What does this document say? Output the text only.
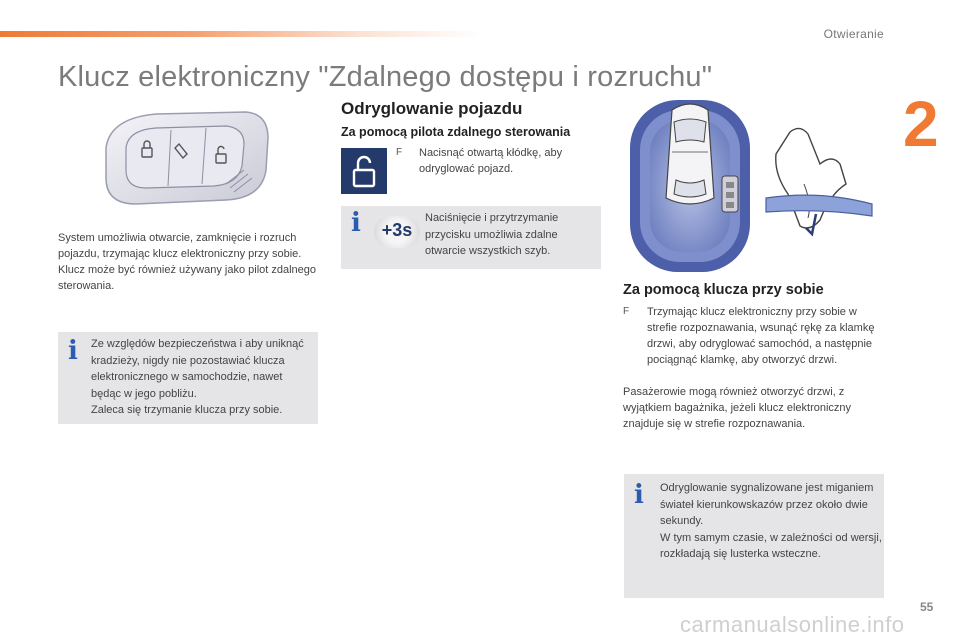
Otwieranie
2
Klucz elektroniczny "Zdalnego dostępu i rozruchu"
System umożliwia otwarcie, zamknięcie i rozruch pojazdu, trzymając klucz elektroniczny przy sobie. Klucz może być również używany jako pilot zdalnego sterowania.
i Ze względów bezpieczeństwa i aby uniknąć kradzieży, nigdy nie pozostawiać klucza elektronicznego w samochodzie, nawet będąc w jego pobliżu.
Zaleca się trzymanie klucza przy sobie.
Odryglowanie pojazdu
Za pomocą pilota zdalnego sterowania
F	Nacisnąć otwartą kłódkę, aby odryglować pojazd.
i	+3s
Naciśnięcie i przytrzymanie przycisku umożliwia zdalne otwarcie wszystkich szyb.
Za pomocą klucza przy sobie
F	Trzymając klucz elektroniczny przy sobie w strefie rozpoznawania, wsunąć rękę za klamkę drzwi, aby odryglować samochód, a następnie pociągnąć klamkę, aby otworzyć drzwi.
Pasażerowie mogą również otworzyć drzwi, z wyjątkiem bagażnika, jeżeli klucz elektroniczny znajduje się w strefie rozpoznawania.
i Odryglowanie sygnalizowane jest miganiem świateł kierunkowskazów przez około dwie sekundy.
W tym samym czasie, w zależności od wersji, rozkładają się lusterka wsteczne.
55
carmanualsonline.info
